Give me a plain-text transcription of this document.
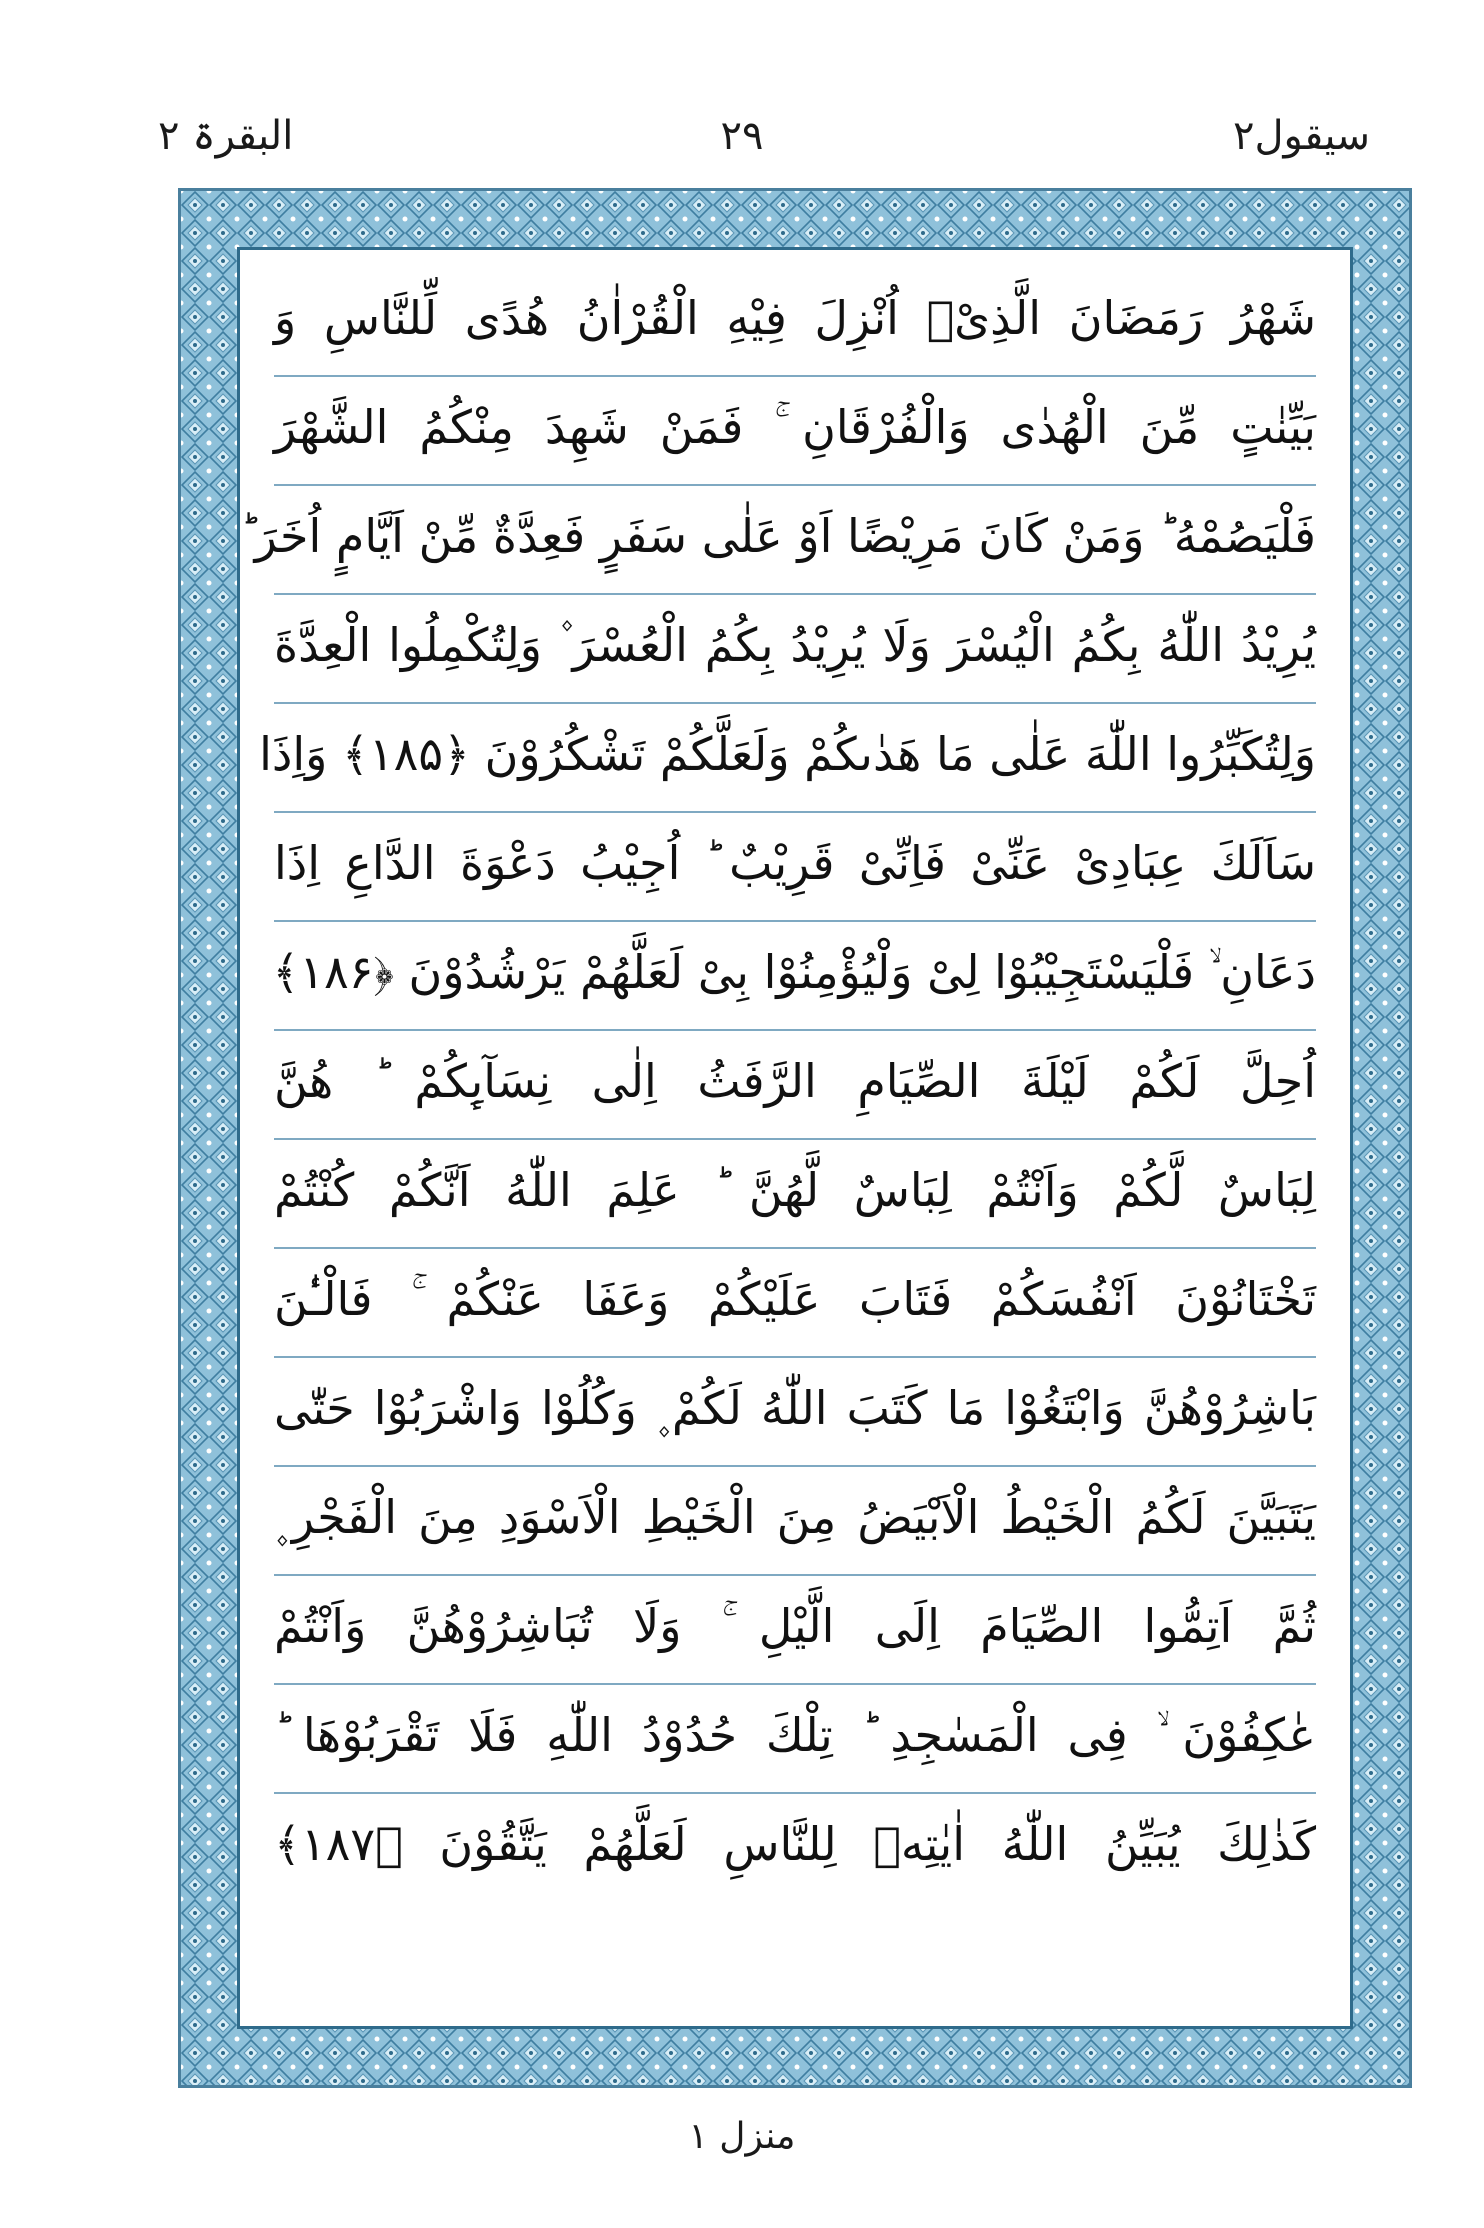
سیقول۲
۲۹
البقرۃ ۲
شَهْرُ رَمَضَانَ الَّذِیْۤ اُنْزِلَ فِیْهِ الْقُرْاٰنُ هُدًی لِّلنَّاسِ وَ
بَیِّنٰتٍ مِّنَ الْهُدٰی وَالْفُرْقَانِ ۚ فَمَنْ شَهِدَ مِنْكُمُ الشَّهْرَ
فَلْیَصُمْهُ ؕ وَمَنْ كَانَ مَرِیْضًا اَوْ عَلٰی سَفَرٍ فَعِدَّةٌ مِّنْ اَیَّامٍ اُخَرَ ؕ
یُرِیْدُ اللّٰهُ بِكُمُ الْیُسْرَ وَلَا یُرِیْدُ بِكُمُ الْعُسْرَ ۫ وَلِتُكْمِلُوا الْعِدَّةَ
وَلِتُكَبِّرُوا اللّٰهَ عَلٰی مَا هَدٰىكُمْ وَلَعَلَّكُمْ تَشْكُرُوْنَ ﴿۱۸۵﴾ وَاِذَا
سَاَلَكَ عِبَادِیْ عَنِّیْ فَاِنِّیْ قَرِیْبٌ ؕ اُجِیْبُ دَعْوَةَ الدَّاعِ اِذَا
دَعَانِ ۙ فَلْیَسْتَجِیْبُوْا لِیْ وَلْیُؤْمِنُوْا بِیْ لَعَلَّهُمْ یَرْشُدُوْنَ ﴿۱۸۶﴾
اُحِلَّ لَكُمْ لَیْلَةَ الصِّیَامِ الرَّفَثُ اِلٰی نِسَآىِٕكُمْ ؕ هُنَّ
لِبَاسٌ لَّكُمْ وَاَنْتُمْ لِبَاسٌ لَّهُنَّ ؕ عَلِمَ اللّٰهُ اَنَّكُمْ كُنْتُمْ
تَخْتَانُوْنَ اَنْفُسَكُمْ فَتَابَ عَلَیْكُمْ وَعَفَا عَنْكُمْ ۚ فَالْـٰٔنَ
بَاشِرُوْهُنَّ وَابْتَغُوْا مَا كَتَبَ اللّٰهُ لَكُمْ ۪ وَكُلُوْا وَاشْرَبُوْا حَتّٰی
یَتَبَیَّنَ لَكُمُ الْخَیْطُ الْاَبْیَضُ مِنَ الْخَیْطِ الْاَسْوَدِ مِنَ الْفَجْرِ ۪
ثُمَّ اَتِمُّوا الصِّیَامَ اِلَی الَّیْلِ ۚ وَلَا تُبَاشِرُوْهُنَّ وَاَنْتُمْ
عٰكِفُوْنَ ۙ فِی الْمَسٰجِدِ ؕ تِلْكَ حُدُوْدُ اللّٰهِ فَلَا تَقْرَبُوْهَا ؕ
كَذٰلِكَ یُبَیِّنُ اللّٰهُ اٰیٰتِهٖ لِلنَّاسِ لَعَلَّهُمْ یَتَّقُوْنَ ﴿۱۸۷﴾
منزل ۱
